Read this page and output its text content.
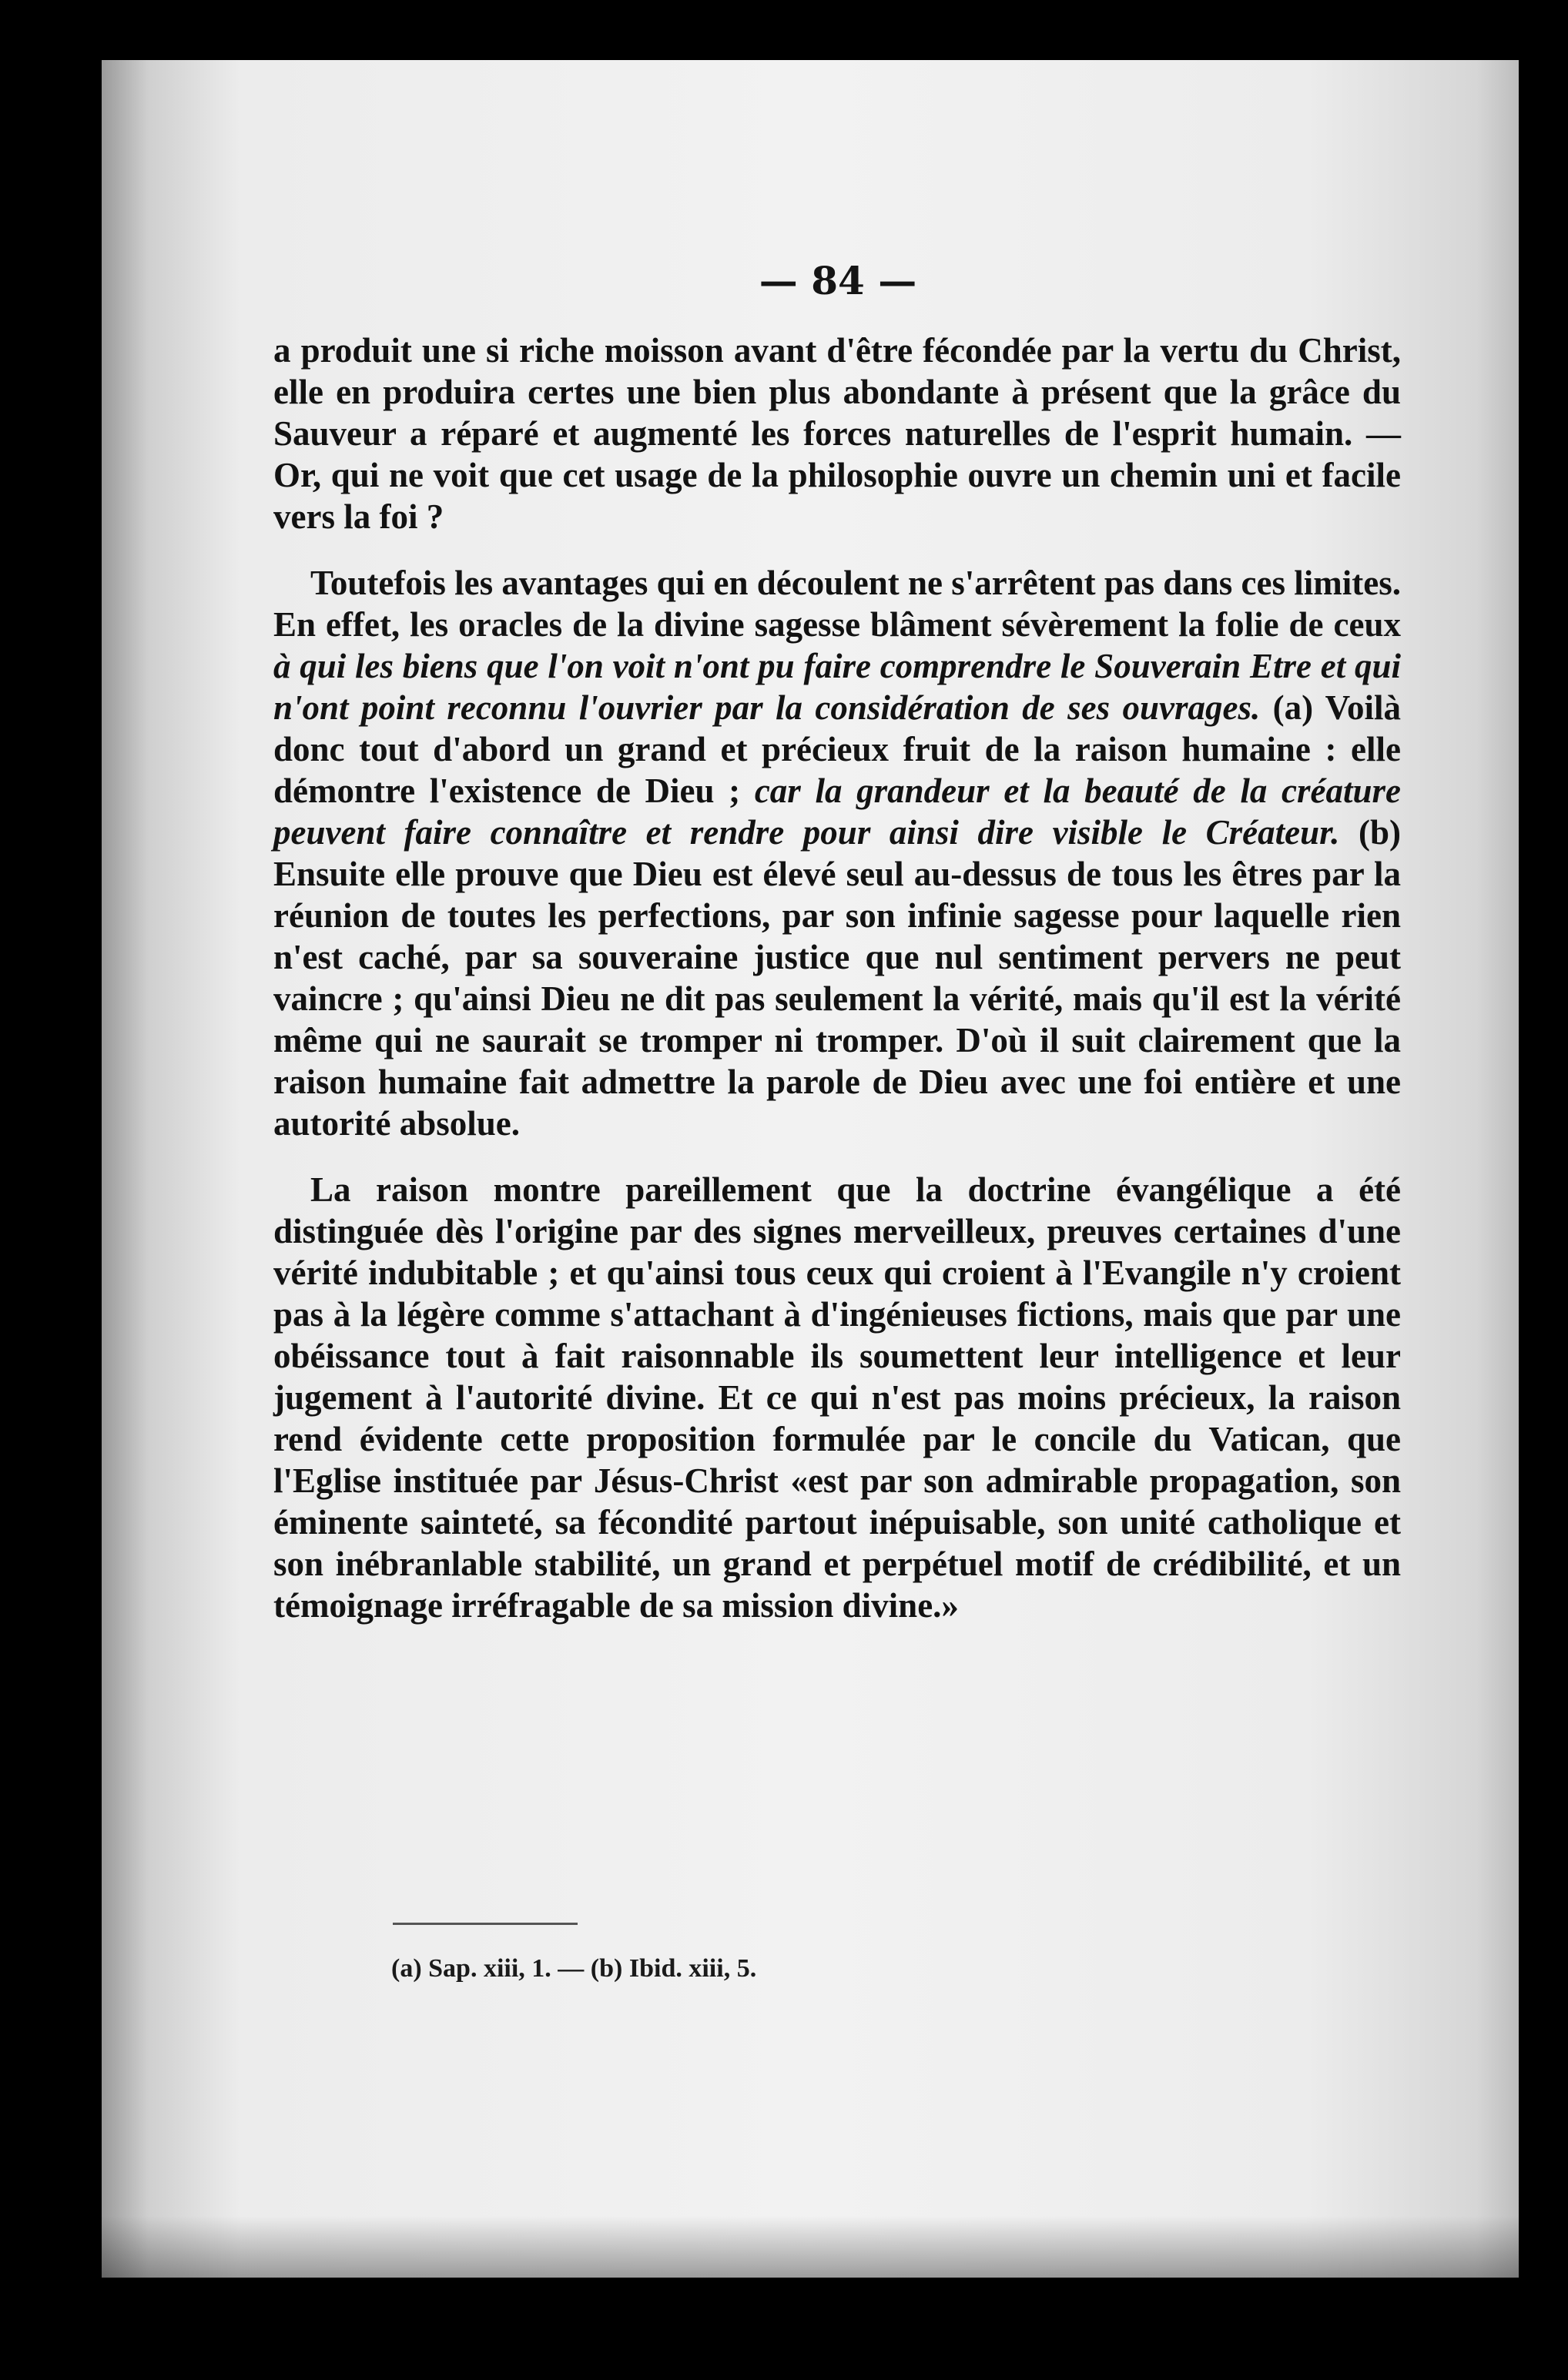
— 84 —

a produit une si riche moisson avant d'être fécondée par la vertu du Christ, elle en produira certes une bien plus abondante à présent que la grâce du Sauveur a réparé et augmenté les forces naturelles de l'esprit humain. — Or, qui ne voit que cet usage de la philosophie ouvre un chemin uni et facile vers la foi ?

Toutefois les avantages qui en découlent ne s'arrêtent pas dans ces limites. En effet, les oracles de la divine sagesse blâment sévèrement la folie de ceux à qui les biens que l'on voit n'ont pu faire comprendre le Souverain Etre et qui n'ont point reconnu l'ouvrier par la considération de ses ouvrages. (a) Voilà donc tout d'abord un grand et précieux fruit de la raison humaine : elle démontre l'existence de Dieu ; car la grandeur et la beauté de la créature peuvent faire connaître et rendre pour ainsi dire visible le Créateur. (b) Ensuite elle prouve que Dieu est élevé seul au-dessus de tous les êtres par la réunion de toutes les perfections, par son infinie sagesse pour laquelle rien n'est caché, par sa souveraine justice que nul sentiment pervers ne peut vaincre ; qu'ainsi Dieu ne dit pas seulement la vérité, mais qu'il est la vérité même qui ne saurait se tromper ni tromper. D'où il suit clairement que la raison humaine fait admettre la parole de Dieu avec une foi entière et une autorité absolue.

La raison montre pareillement que la doctrine évangélique a été distinguée dès l'origine par des signes merveilleux, preuves certaines d'une vérité indubitable ; et qu'ainsi tous ceux qui croient à l'Evangile n'y croient pas à la légère comme s'attachant à d'ingénieuses fictions, mais que par une obéissance tout à fait raisonnable ils soumettent leur intelligence et leur jugement à l'autorité divine. Et ce qui n'est pas moins précieux, la raison rend évidente cette proposition formulée par le concile du Vatican, que l'Eglise instituée par Jésus-Christ «est par son admirable propagation, son éminente sainteté, sa fécondité partout inépuisable, son unité catholique et son inébranlable stabilité, un grand et perpétuel motif de crédibilité, et un témoignage irréfragable de sa mission divine.»

(a) Sap. xiii, 1. — (b) Ibid. xiii, 5.
